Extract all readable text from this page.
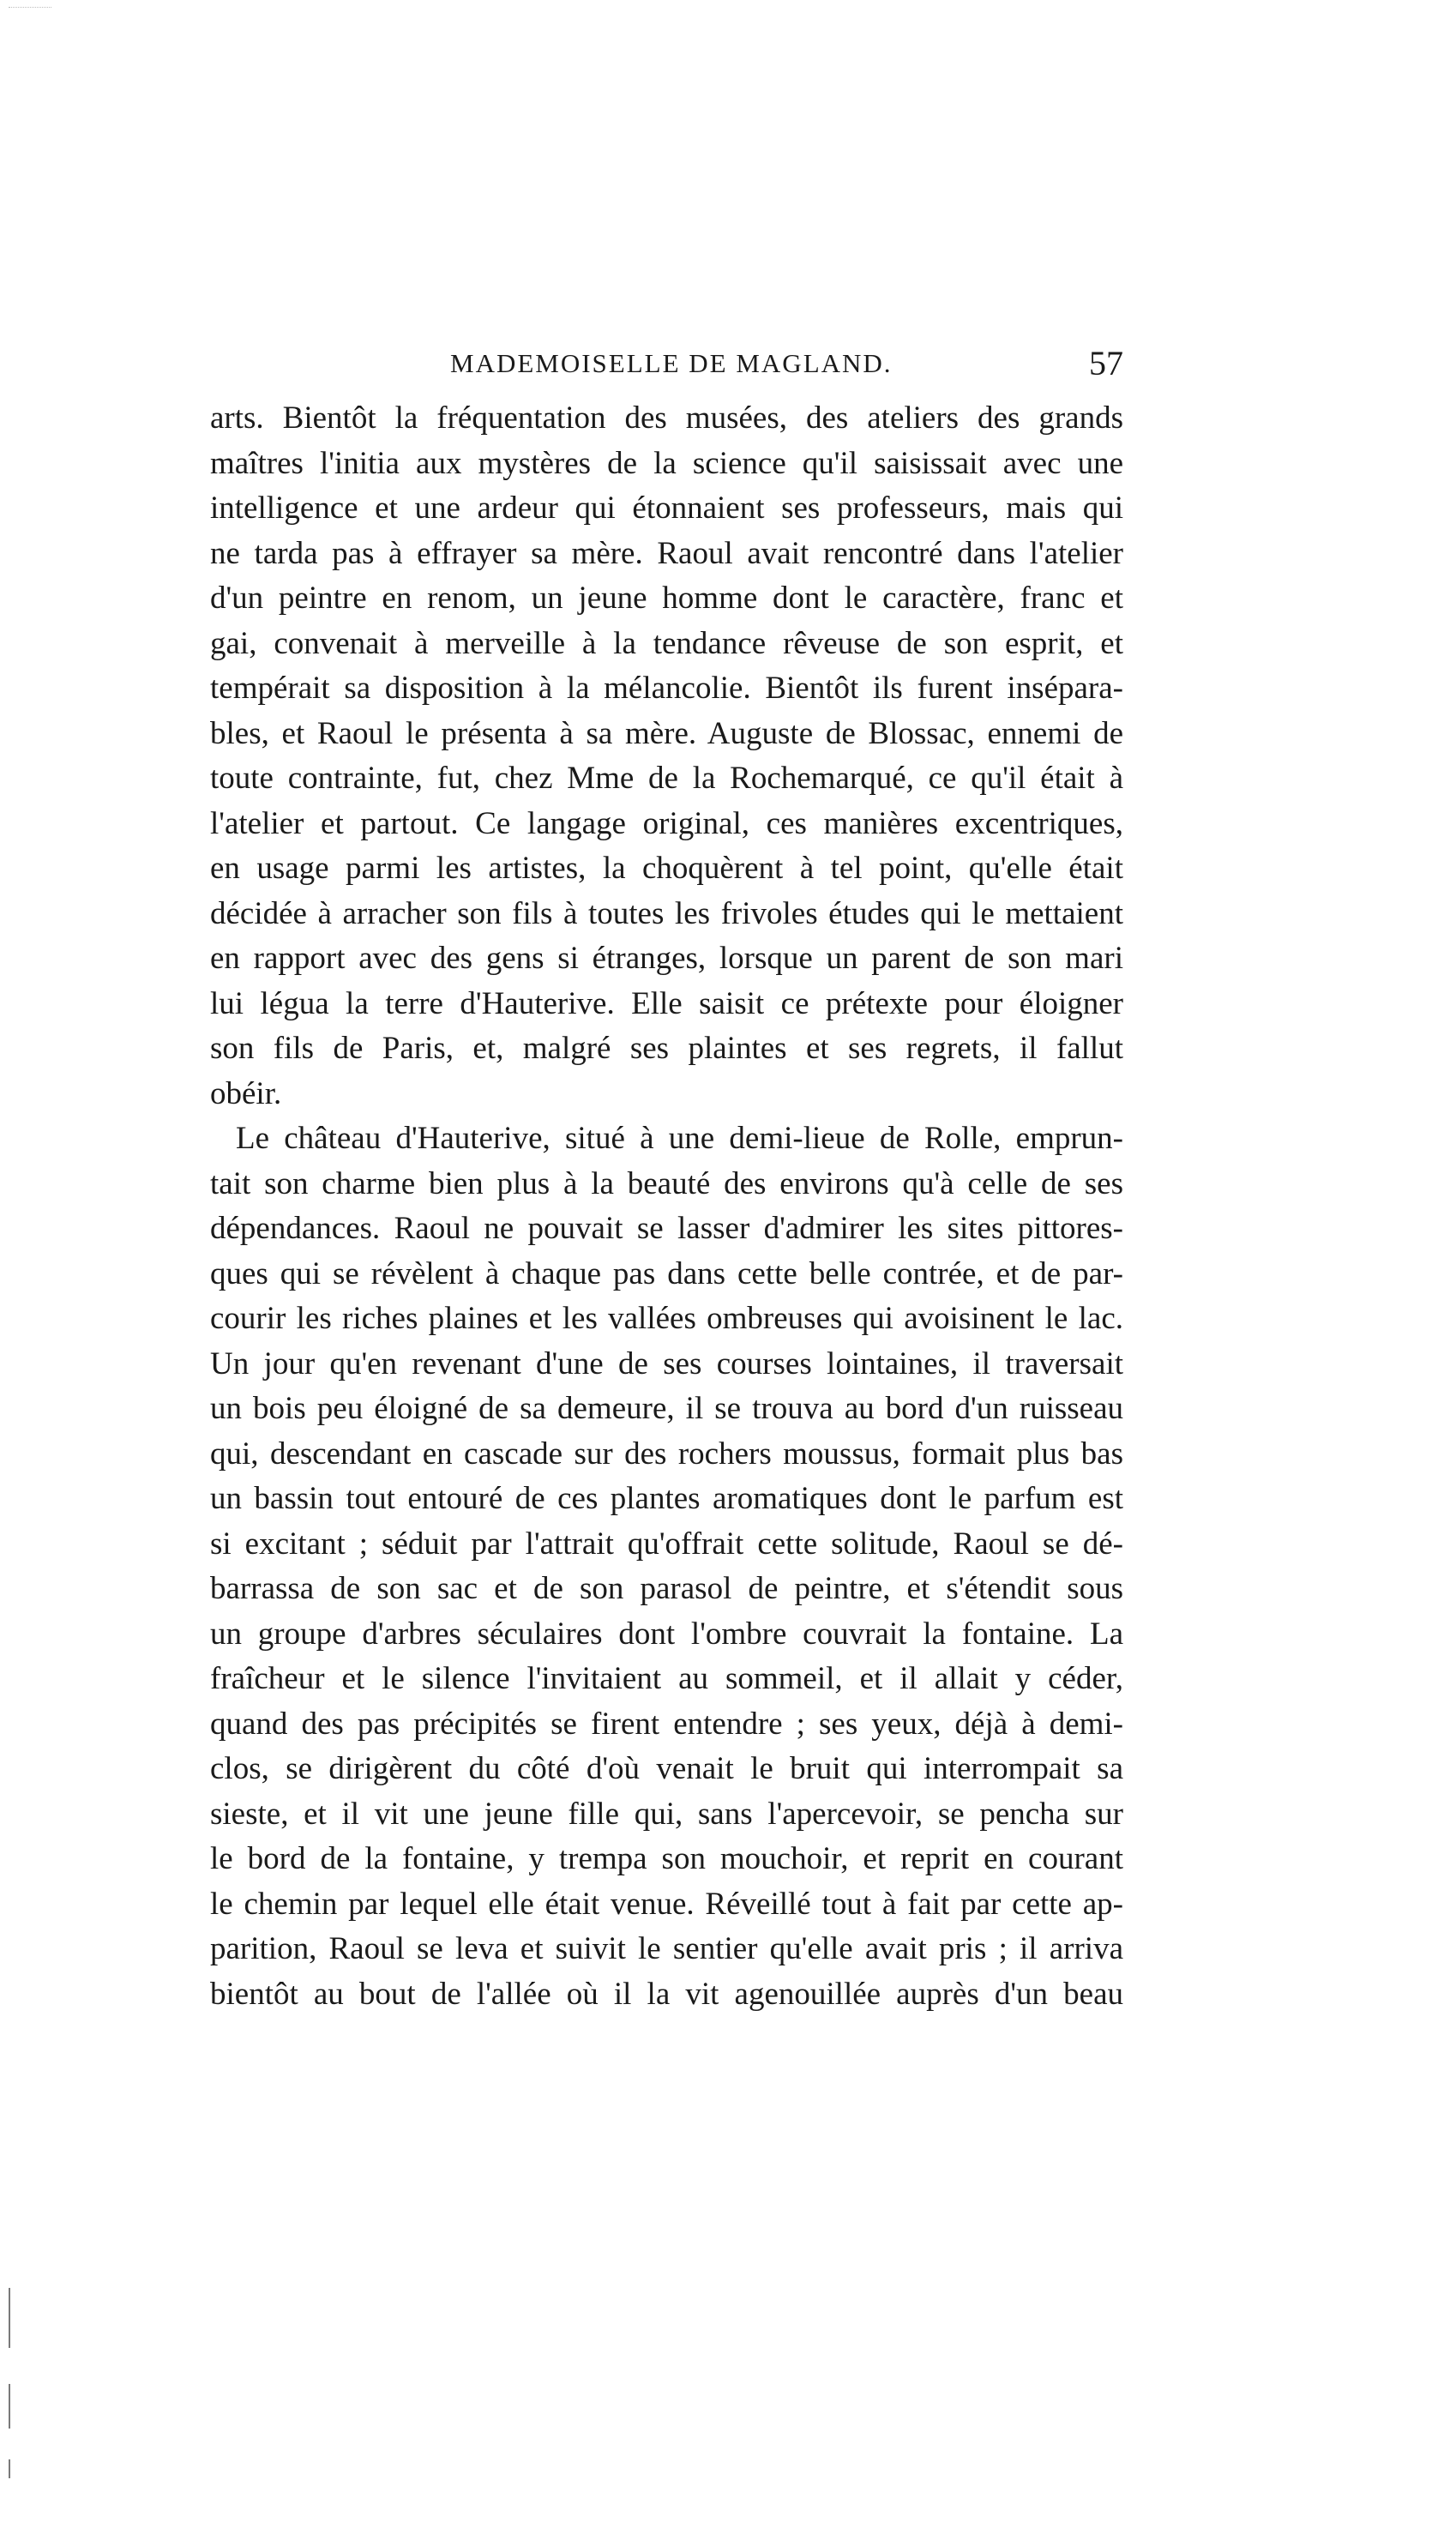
MADEMOISELLE DE MAGLAND.	57
arts. Bientôt la fréquentation des musées, des ateliers des grands
maîtres l'initia aux mystères de la science qu'il saisissait avec une
intelligence et une ardeur qui étonnaient ses professeurs, mais qui
ne tarda pas à effrayer sa mère. Raoul avait rencontré dans l'atelier
d'un peintre en renom, un jeune homme dont le caractère, franc et
gai, convenait à merveille à la tendance rêveuse de son esprit, et
tempérait sa disposition à la mélancolie. Bientôt ils furent insépara-
bles, et Raoul le présenta à sa mère. Auguste de Blossac, ennemi de
toute contrainte, fut, chez Mme de la Rochemarqué, ce qu'il était à
l'atelier et partout. Ce langage original, ces manières excentriques,
en usage parmi les artistes, la choquèrent à tel point, qu'elle était
décidée à arracher son fils à toutes les frivoles études qui le mettaient
en rapport avec des gens si étranges, lorsque un parent de son mari
lui légua la terre d'Hauterive. Elle saisit ce prétexte pour éloigner
son fils de Paris, et, malgré ses plaintes et ses regrets, il fallut
obéir.
Le château d'Hauterive, situé à une demi-lieue de Rolle, emprun-
tait son charme bien plus à la beauté des environs qu'à celle de ses
dépendances. Raoul ne pouvait se lasser d'admirer les sites pittores-
ques qui se révèlent à chaque pas dans cette belle contrée, et de par-
courir les riches plaines et les vallées ombreuses qui avoisinent le lac.
Un jour qu'en revenant d'une de ses courses lointaines, il traversait
un bois peu éloigné de sa demeure, il se trouva au bord d'un ruisseau
qui, descendant en cascade sur des rochers moussus, formait plus bas
un bassin tout entouré de ces plantes aromatiques dont le parfum est
si excitant ; séduit par l'attrait qu'offrait cette solitude, Raoul se dé-
barrassa de son sac et de son parasol de peintre, et s'étendit sous
un groupe d'arbres séculaires dont l'ombre couvrait la fontaine. La
fraîcheur et le silence l'invitaient au sommeil, et il allait y céder,
quand des pas précipités se firent entendre ; ses yeux, déjà à demi-
clos, se dirigèrent du côté d'où venait le bruit qui interrompait sa
sieste, et il vit une jeune fille qui, sans l'apercevoir, se pencha sur
le bord de la fontaine, y trempa son mouchoir, et reprit en courant
le chemin par lequel elle était venue. Réveillé tout à fait par cette ap-
parition, Raoul se leva et suivit le sentier qu'elle avait pris ; il arriva
bientôt au bout de l'allée où il la vit agenouillée auprès d'un beau
